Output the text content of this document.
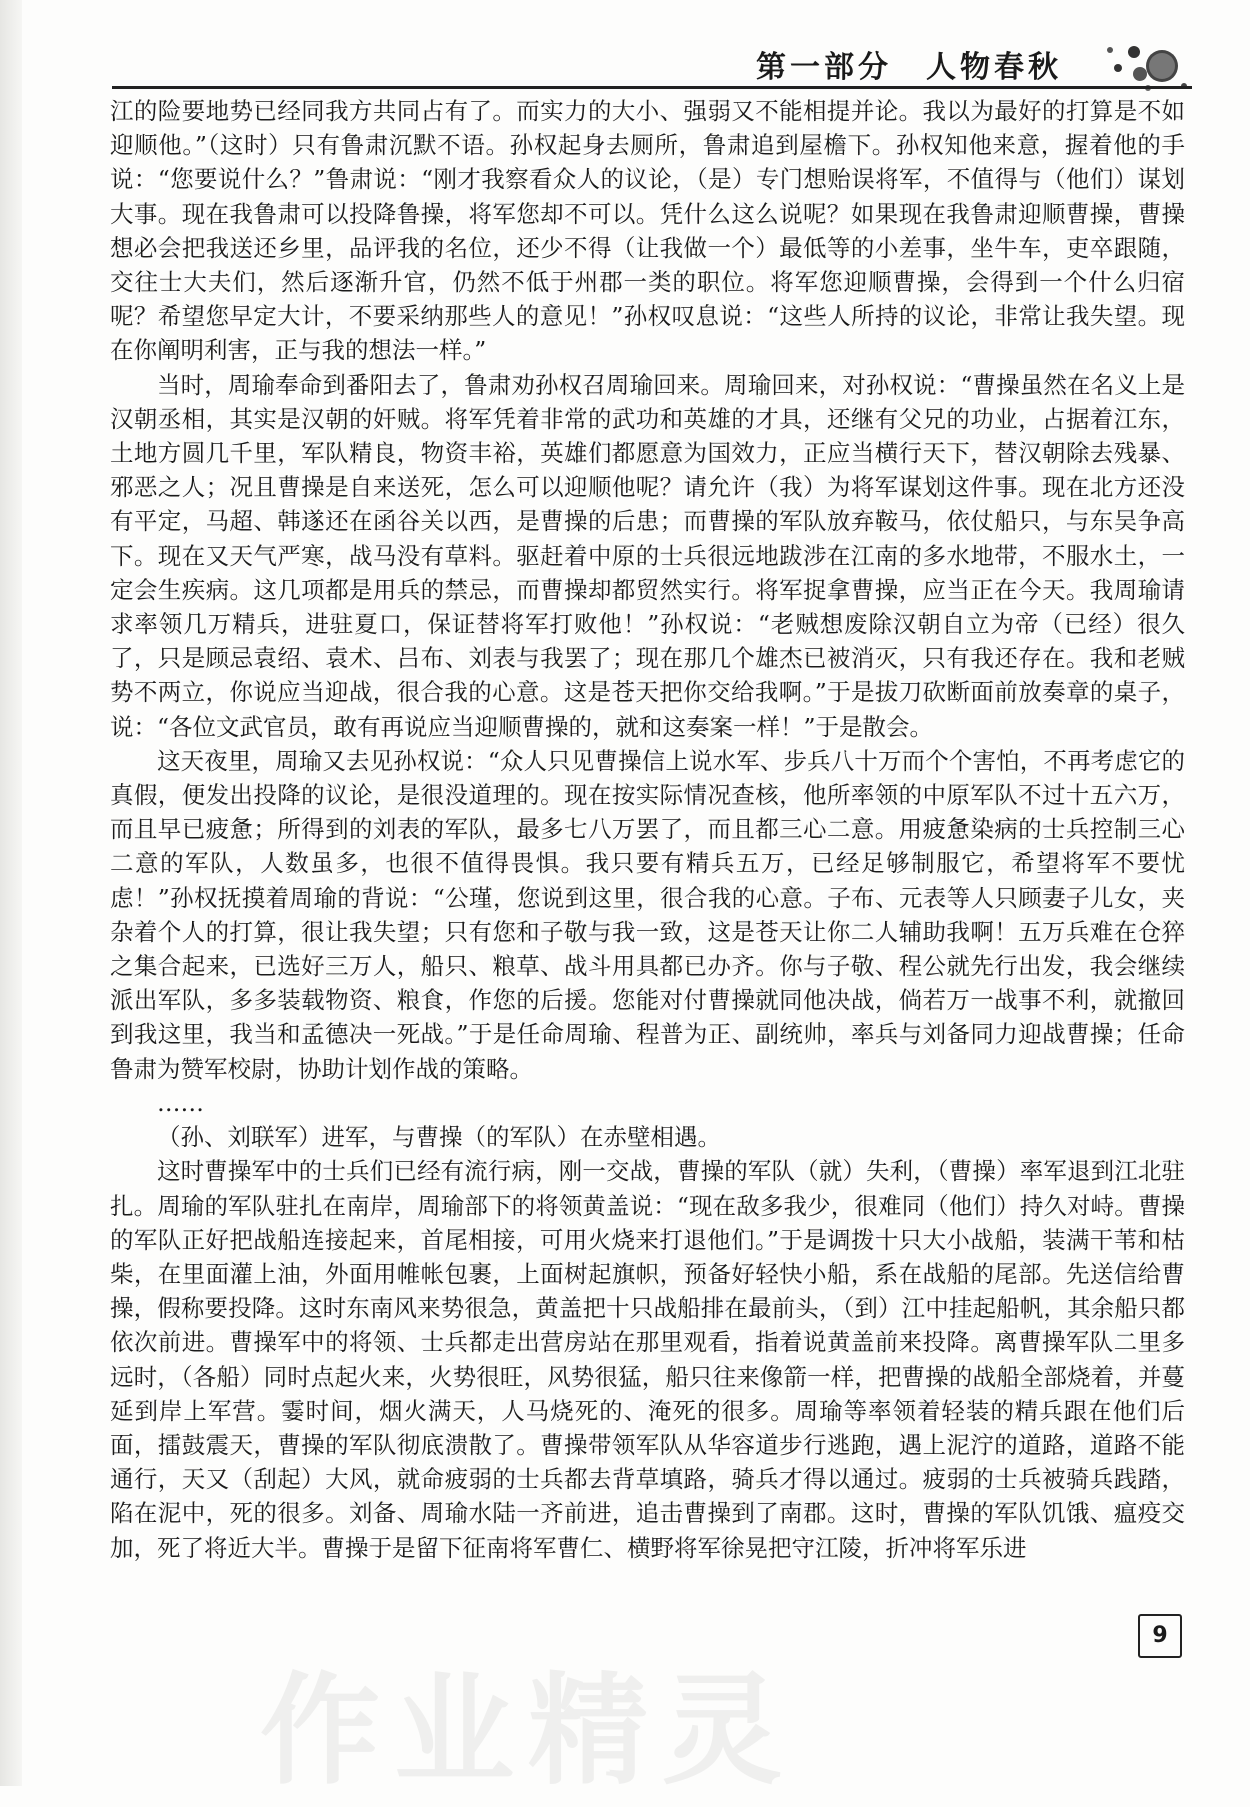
第一部分　人物春秋

江的险要地势已经同我方共同占有了。而实力的大小、强弱又不能相提并论。我以为最好的打算是不如迎顺他。”（这时）只有鲁肃沉默不语。孙权起身去厕所，鲁肃追到屋檐下。孙权知他来意，握着他的手说：“您要说什么？”鲁肃说：“刚才我察看众人的议论，（是）专门想贻误将军，不值得与（他们）谋划大事。现在我鲁肃可以投降鲁操，将军您却不可以。凭什么这么说呢？如果现在我鲁肃迎顺曹操，曹操想必会把我送还乡里，品评我的名位，还少不得（让我做一个）最低等的小差事，坐牛车，吏卒跟随，交往士大夫们，然后逐渐升官，仍然不低于州郡一类的职位。将军您迎顺曹操，会得到一个什么归宿呢？希望您早定大计，不要采纳那些人的意见！”孙权叹息说：“这些人所持的议论，非常让我失望。现在你阐明利害，正与我的想法一样。”

当时，周瑜奉命到番阳去了，鲁肃劝孙权召周瑜回来。周瑜回来，对孙权说：“曹操虽然在名义上是汉朝丞相，其实是汉朝的奸贼。将军凭着非常的武功和英雄的才具，还继有父兄的功业，占据着江东，土地方圆几千里，军队精良，物资丰裕，英雄们都愿意为国效力，正应当横行天下，替汉朝除去残暴、邪恶之人；况且曹操是自来送死，怎么可以迎顺他呢？请允许（我）为将军谋划这件事。现在北方还没有平定，马超、韩遂还在函谷关以西，是曹操的后患；而曹操的军队放弃鞍马，依仗船只，与东吴争高下。现在又天气严寒，战马没有草料。驱赶着中原的士兵很远地跋涉在江南的多水地带，不服水土，一定会生疾病。这几项都是用兵的禁忌，而曹操却都贸然实行。将军捉拿曹操，应当正在今天。我周瑜请求率领几万精兵，进驻夏口，保证替将军打败他！”孙权说：“老贼想废除汉朝自立为帝（已经）很久了，只是顾忌袁绍、袁术、吕布、刘表与我罢了；现在那几个雄杰已被消灭，只有我还存在。我和老贼势不两立，你说应当迎战，很合我的心意。这是苍天把你交给我啊。”于是拔刀砍断面前放奏章的桌子，说：“各位文武官员，敢有再说应当迎顺曹操的，就和这奏案一样！”于是散会。

这天夜里，周瑜又去见孙权说：“众人只见曹操信上说水军、步兵八十万而个个害怕，不再考虑它的真假，便发出投降的议论，是很没道理的。现在按实际情况查核，他所率领的中原军队不过十五六万，而且早已疲惫；所得到的刘表的军队，最多七八万罢了，而且都三心二意。用疲惫染病的士兵控制三心二意的军队，人数虽多，也很不值得畏惧。我只要有精兵五万，已经足够制服它，希望将军不要忧虑！”孙权抚摸着周瑜的背说：“公瑾，您说到这里，很合我的心意。子布、元表等人只顾妻子儿女，夹杂着个人的打算，很让我失望；只有您和子敬与我一致，这是苍天让你二人辅助我啊！五万兵难在仓猝之集合起来，已选好三万人，船只、粮草、战斗用具都已办齐。你与子敬、程公就先行出发，我会继续派出军队，多多装载物资、粮食，作您的后援。您能对付曹操就同他决战，倘若万一战事不利，就撤回到我这里，我当和孟德决一死战。”于是任命周瑜、程普为正、副统帅，率兵与刘备同力迎战曹操；任命鲁肃为赞军校尉，协助计划作战的策略。

……

（孙、刘联军）进军，与曹操（的军队）在赤壁相遇。

这时曹操军中的士兵们已经有流行病，刚一交战，曹操的军队（就）失利，（曹操）率军退到江北驻扎。周瑜的军队驻扎在南岸，周瑜部下的将领黄盖说：“现在敌多我少，很难同（他们）持久对峙。曹操的军队正好把战船连接起来，首尾相接，可用火烧来打退他们。”于是调拨十只大小战船，装满干苇和枯柴，在里面灌上油，外面用帷帐包裹，上面树起旗帜，预备好轻快小船，系在战船的尾部。先送信给曹操，假称要投降。这时东南风来势很急，黄盖把十只战船排在最前头，（到）江中挂起船帆，其余船只都依次前进。曹操军中的将领、士兵都走出营房站在那里观看，指着说黄盖前来投降。离曹操军队二里多远时，（各船）同时点起火来，火势很旺，风势很猛，船只往来像箭一样，把曹操的战船全部烧着，并蔓延到岸上军营。霎时间，烟火满天，人马烧死的、淹死的很多。周瑜等率领着轻装的精兵跟在他们后面，擂鼓震天，曹操的军队彻底溃散了。曹操带领军队从华容道步行逃跑，遇上泥泞的道路，道路不能通行，天又（刮起）大风，就命疲弱的士兵都去背草填路，骑兵才得以通过。疲弱的士兵被骑兵践踏，陷在泥中，死的很多。刘备、周瑜水陆一齐前进，追击曹操到了南郡。这时，曹操的军队饥饿、瘟疫交加，死了将近大半。曹操于是留下征南将军曹仁、横野将军徐晃把守江陵，折冲将军乐进

作业精灵
9
